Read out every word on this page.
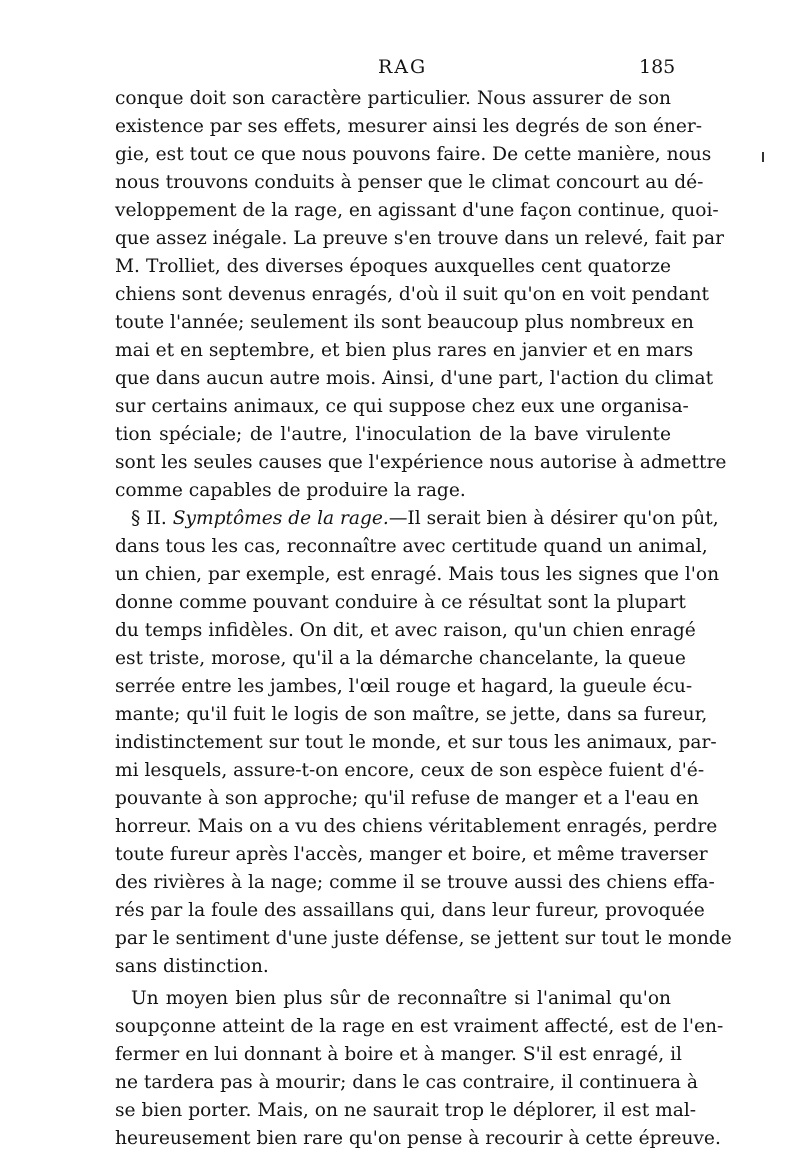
RAG	185
conque doit son caractère particulier. Nous assurer de son
existence par ses effets, mesurer ainsi les degrés de son éner-
gie, est tout ce que nous pouvons faire. De cette manière, nous
nous trouvons conduits à penser que le climat concourt au dé-
veloppement de la rage, en agissant d'une façon continue, quoi-
que assez inégale. La preuve s'en trouve dans un relevé, fait par
M. Trolliet, des diverses époques auxquelles cent quatorze
chiens sont devenus enragés, d'où il suit qu'on en voit pendant
toute l'année; seulement ils sont beaucoup plus nombreux en
mai et en septembre, et bien plus rares en janvier et en mars
que dans aucun autre mois. Ainsi, d'une part, l'action du climat
sur certains animaux, ce qui suppose chez eux une organisa-
tion spéciale; de l'autre, l'inoculation de la bave virulente
sont les seules causes que l'expérience nous autorise à admettre
comme capables de produire la rage.
§ II. Symptômes de la rage.—Il serait bien à désirer qu'on pût,
dans tous les cas, reconnaître avec certitude quand un animal,
un chien, par exemple, est enragé. Mais tous les signes que l'on
donne comme pouvant conduire à ce résultat sont la plupart
du temps infidèles. On dit, et avec raison, qu'un chien enragé
est triste, morose, qu'il a la démarche chancelante, la queue
serrée entre les jambes, l'œil rouge et hagard, la gueule écu-
mante; qu'il fuit le logis de son maître, se jette, dans sa fureur,
indistinctement sur tout le monde, et sur tous les animaux, par-
mi lesquels, assure-t-on encore, ceux de son espèce fuient d'é-
pouvante à son approche; qu'il refuse de manger et a l'eau en
horreur. Mais on a vu des chiens véritablement enragés, perdre
toute fureur après l'accès, manger et boire, et même traverser
des rivières à la nage; comme il se trouve aussi des chiens effa-
rés par la foule des assaillans qui, dans leur fureur, provoquée
par le sentiment d'une juste défense, se jettent sur tout le monde
sans distinction.
Un moyen bien plus sûr de reconnaître si l'animal qu'on
soupçonne atteint de la rage en est vraiment affecté, est de l'en-
fermer en lui donnant à boire et à manger. S'il est enragé, il
ne tardera pas à mourir; dans le cas contraire, il continuera à
se bien porter. Mais, on ne saurait trop le déplorer, il est mal-
heureusement bien rare qu'on pense à recourir à cette épreuve.
